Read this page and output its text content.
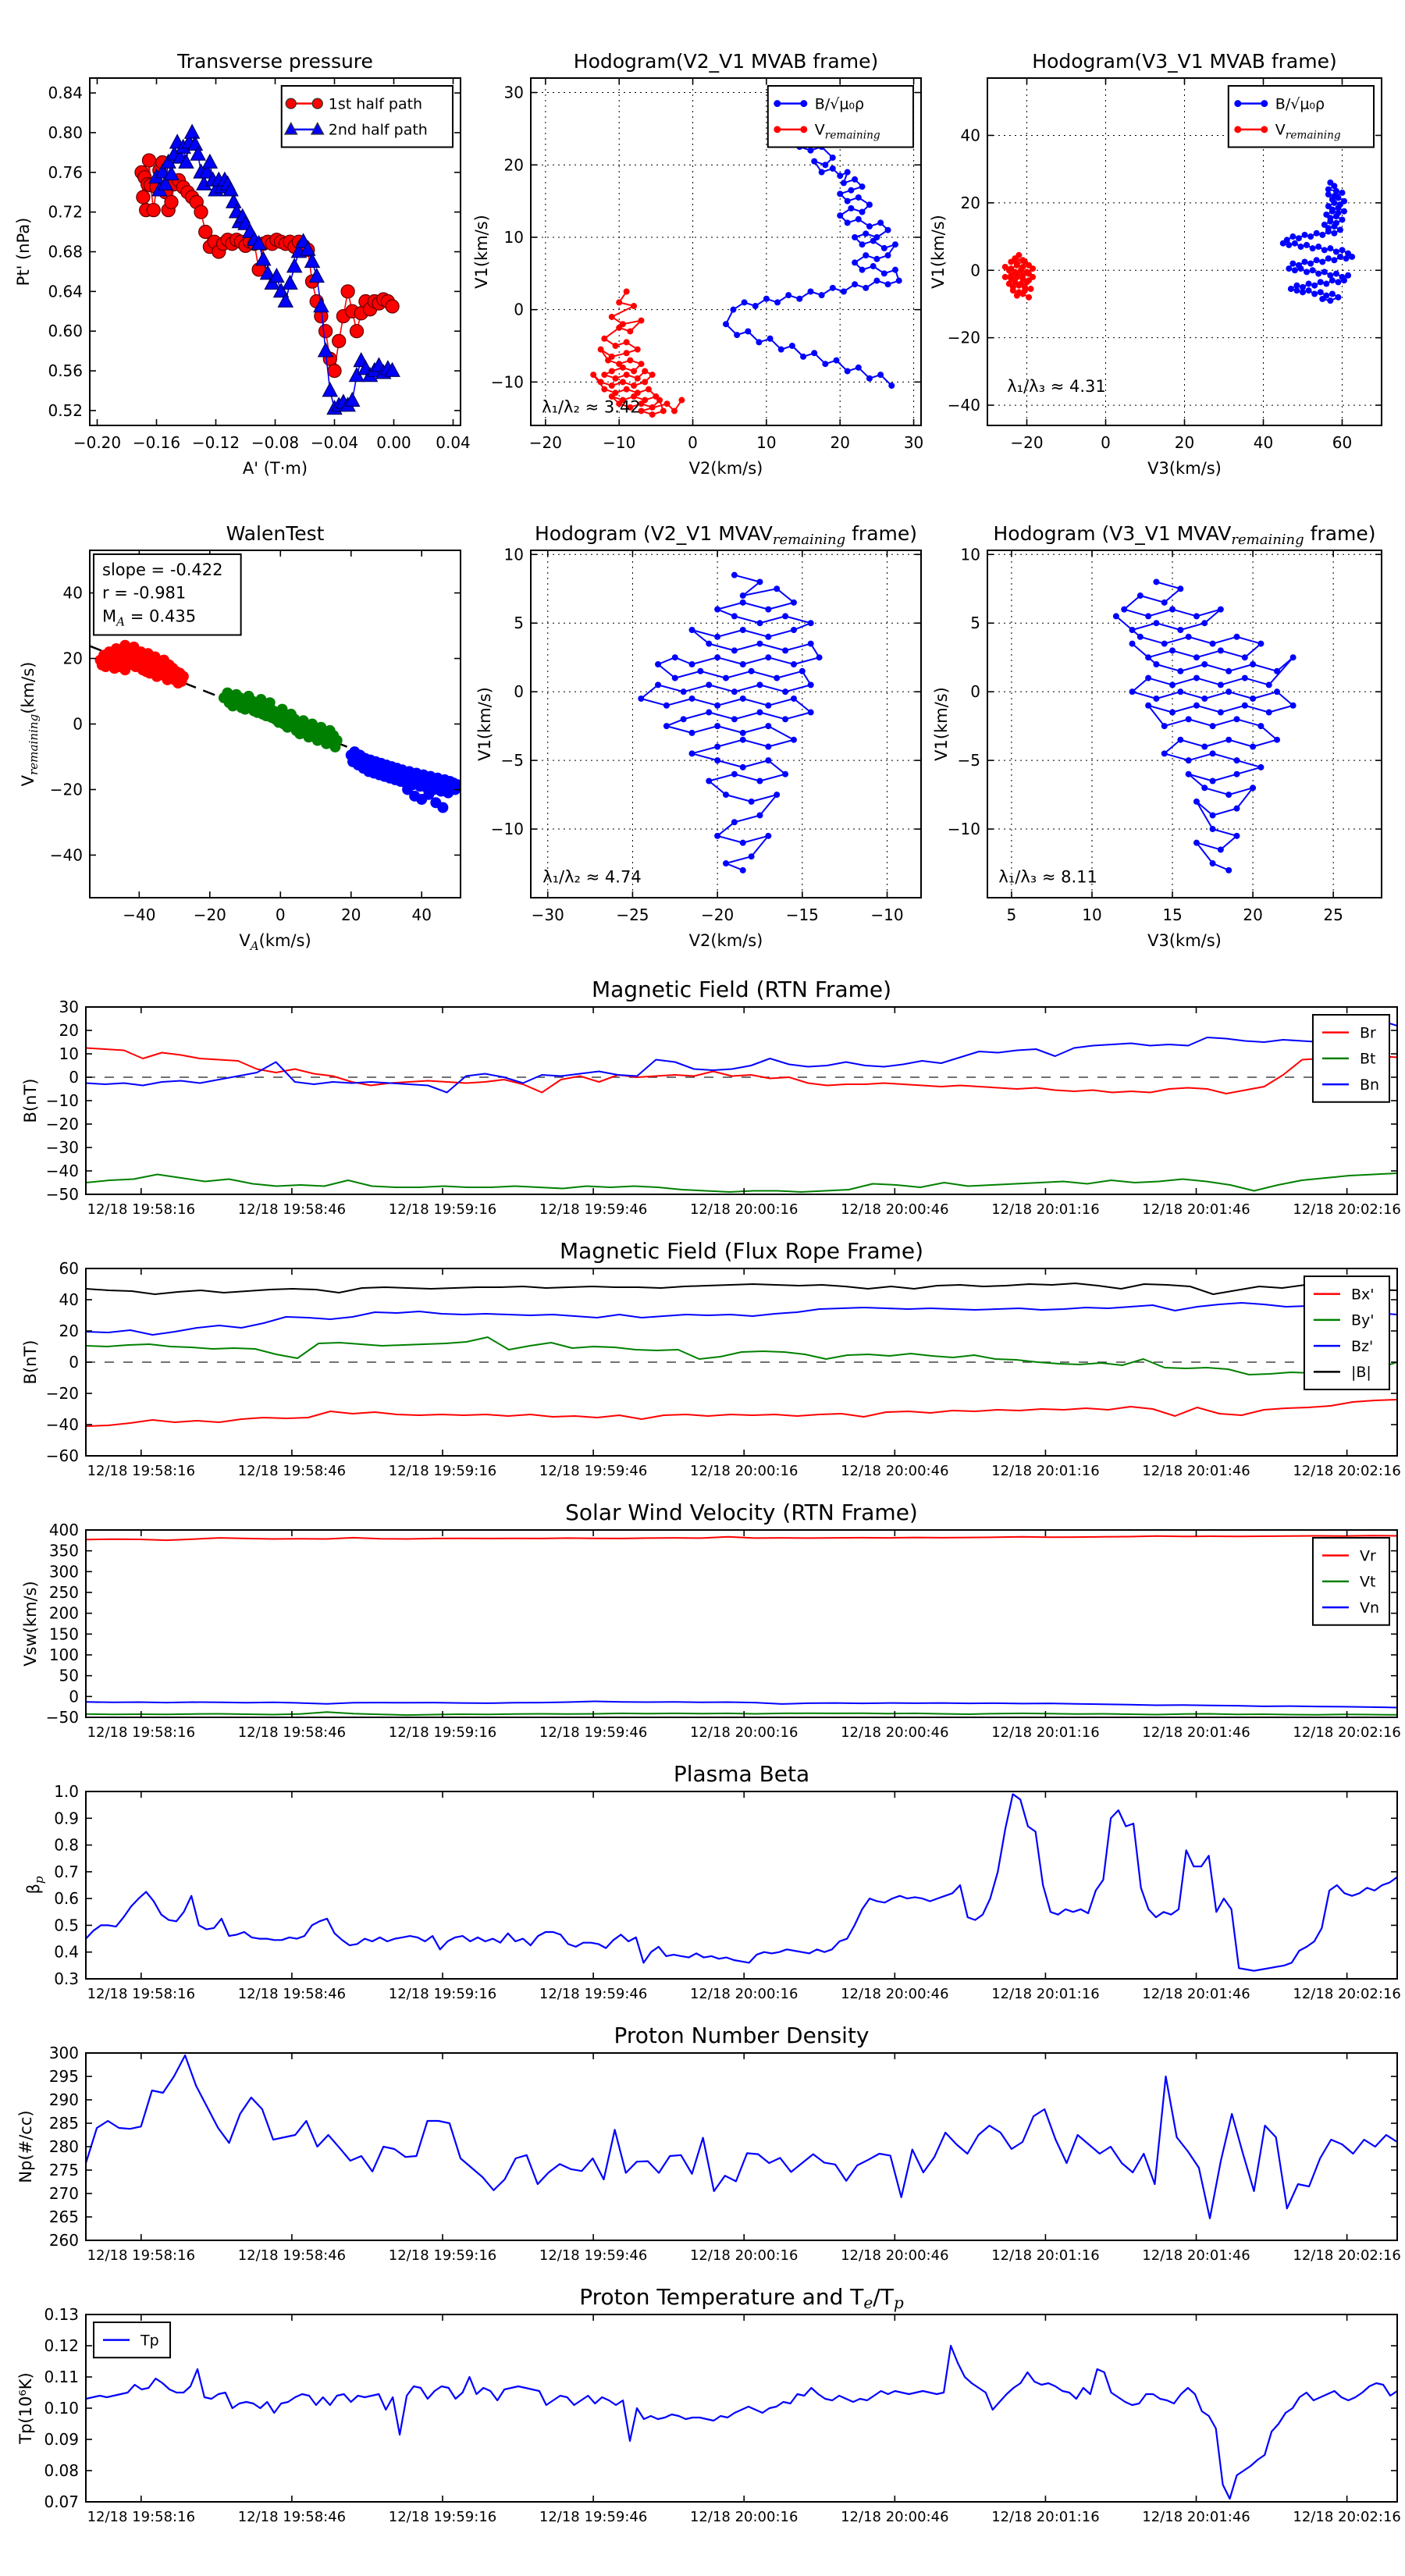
−0.20 −0.16 −0.12 −0.08 −0.04 0.00 0.04
0.84
0.80
0.76
0.72
0.68
0.64
0.60
0.56
0.52
Transverse pressure
A' (T·m)
Pt' (nPa)
1st half path
2nd half path
−20	−10	0	10	20	30
30
20
10
0
−10
Hodogram(V2_V1 MVAB frame)
V2(km/s)
V1(km/s)
B/√μ₀ρ
$V_{remaining}$
λ₁/λ₂ ≈ 3.42
−20	0	20	40	60
40
20
0
−20
−40
Hodogram(V3_V1 MVAB frame)
V3(km/s)
V1(km/s)
B/√μ₀ρ
$V_{remaining}$
λ₁/λ₃ ≈ 4.31
−40 −20	0	20	40
40
20
0
−20
−40
WalenTest
$V_A(km/s)$
$V_{remaining}(km/s)$
slope = -0.422
r = -0.981
$M_A = 0.435$
−30	−25	−20	−15	−10
10
5
0
−5
−10
Hodogram (V2_V1 $MVAV_{remaining}$ frame)
V2(km/s)
V1(km/s)
λ₁/λ₂ ≈ 4.74
5	10	15	20	25
10
5
0
−5
−10
Hodogram (V3_V1 $MVAV_{remaining}$ frame)
V3(km/s)
V1(km/s)
λ₁/λ₃ ≈ 8.11
12/18 19:58:16	12/18 19:58:46	12/18 19:59:16	12/18 19:59:46	12/18 20:00:16	12/18 20:00:46	12/18 20:01:16	12/18 20:01:46	12/18 20:02:16
30
20
10
0
−10
−20
−30
−40
−50
Magnetic Field (RTN Frame)
B(nT)
Br
Bt
Bn
12/18 19:58:16	12/18 19:58:46	12/18 19:59:16	12/18 19:59:46	12/18 20:00:16	12/18 20:00:46	12/18 20:01:16	12/18 20:01:46	12/18 20:02:16
60
40
20
0
−20
−40
−60
Magnetic Field (Flux Rope Frame)
B(nT)
Bx'
By'
Bz'
|B|
12/18 19:58:16	12/18 19:58:46	12/18 19:59:16	12/18 19:59:46	12/18 20:00:16	12/18 20:00:46	12/18 20:01:16	12/18 20:01:46	12/18 20:02:16
400
350
300
250
200
150
100
50
0
−50
Solar Wind Velocity (RTN Frame)
Vsw(km/s)
Vr
Vt
Vn
12/18 19:58:16	12/18 19:58:46	12/18 19:59:16	12/18 19:59:46	12/18 20:00:16	12/18 20:00:46	12/18 20:01:16	12/18 20:01:46	12/18 20:02:16
1.0
0.9
0.8
0.7
0.6
0.5
0.4
0.3
Plasma Beta
$\beta_p$
12/18 19:58:16	12/18 19:58:46	12/18 19:59:16	12/18 19:59:46	12/18 20:00:16	12/18 20:00:46	12/18 20:01:16	12/18 20:01:46	12/18 20:02:16
300
295
290
285
280
275
270
265
260
Proton Number Density
Np(#/cc)
12/18 19:58:16	12/18 19:58:46	12/18 19:59:16	12/18 19:59:46	12/18 20:00:16	12/18 20:00:46	12/18 20:01:16	12/18 20:01:46	12/18 20:02:16
0.13
0.12
0.11
0.10
0.09
0.08
0.07
Proton Temperature and Te/Tp
Tp(10⁶K)
Tp
